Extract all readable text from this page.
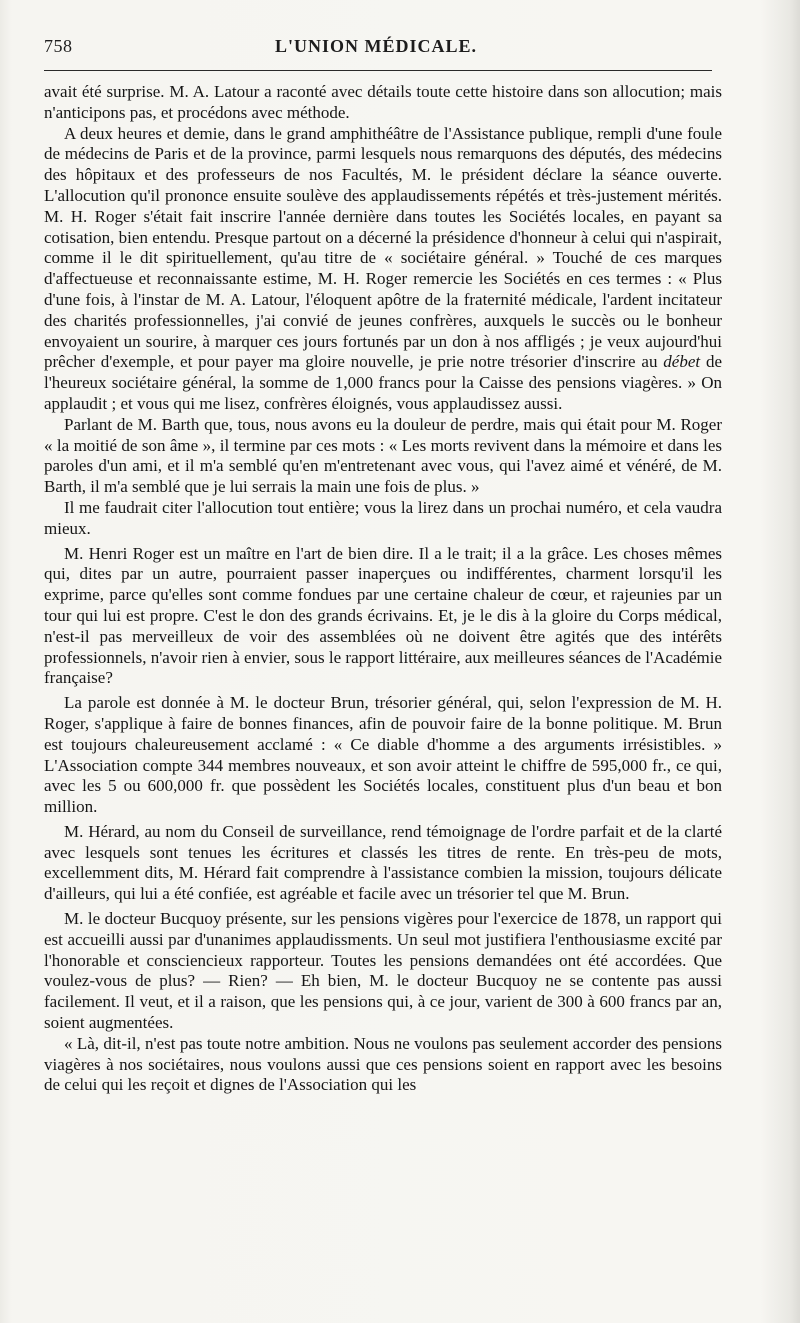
758	L'UNION MÉDICALE.

avait été surprise. M. A. Latour a raconté avec détails toute cette histoire dans son allocution; mais n'anticipons pas, et procédons avec méthode.

A deux heures et demie, dans le grand amphithéâtre de l'Assistance publique, rempli d'une foule de médecins de Paris et de la province, parmi lesquels nous remarquons des députés, des médecins des hôpitaux et des professeurs de nos Facultés, M. le président déclare la séance ouverte. L'allocution qu'il prononce ensuite soulève des applaudissements répétés et très-justement mérités. M. H. Roger s'était fait inscrire l'année dernière dans toutes les Sociétés locales, en payant sa cotisation, bien entendu. Presque partout on a décerné la présidence d'honneur à celui qui n'aspirait, comme il le dit spirituellement, qu'au titre de « sociétaire général. » Touché de ces marques d'affectueuse et reconnaissante estime, M. H. Roger remercie les Sociétés en ces termes : « Plus d'une fois, à l'instar de M. A. Latour, l'éloquent apôtre de la fraternité médicale, l'ardent incitateur des charités professionnelles, j'ai convié de jeunes confrères, auxquels le succès ou le bonheur envoyaient un sourire, à marquer ces jours fortunés par un don à nos affligés ; je veux aujourd'hui prêcher d'exemple, et pour payer ma gloire nouvelle, je prie notre trésorier d'inscrire au débet de l'heureux sociétaire général, la somme de 1,000 francs pour la Caisse des pensions viagères. » On applaudit ; et vous qui me lisez, confrères éloignés, vous applaudissez aussi.

Parlant de M. Barth que, tous, nous avons eu la douleur de perdre, mais qui était pour M. Roger « la moitié de son âme », il termine par ces mots : « Les morts revivent dans la mémoire et dans les paroles d'un ami, et il m'a semblé qu'en m'entretenant avec vous, qui l'avez aimé et vénéré, de M. Barth, il m'a semblé que je lui serrais la main une fois de plus. »

Il me faudrait citer l'allocution tout entière; vous la lirez dans un prochai numéro, et cela vaudra mieux.

M. Henri Roger est un maître en l'art de bien dire. Il a le trait; il a la grâce. Les choses mêmes qui, dites par un autre, pourraient passer inaperçues ou indifférentes, charment lorsqu'il les exprime, parce qu'elles sont comme fondues par une certaine chaleur de cœur, et rajeunies par un tour qui lui est propre. C'est le don des grands écrivains. Et, je le dis à la gloire du Corps médical, n'est-il pas merveilleux de voir des assemblées où ne doivent être agités que des intérêts professionnels, n'avoir rien à envier, sous le rapport littéraire, aux meilleures séances de l'Académie française?

La parole est donnée à M. le docteur Brun, trésorier général, qui, selon l'expression de M. H. Roger, s'applique à faire de bonnes finances, afin de pouvoir faire de la bonne politique. M. Brun est toujours chaleureusement acclamé : « Ce diable d'homme a des arguments irrésistibles. » L'Association compte 344 membres nouveaux, et son avoir atteint le chiffre de 595,000 fr., ce qui, avec les 5 ou 600,000 fr. que possèdent les Sociétés locales, constituent plus d'un beau et bon million.

M. Hérard, au nom du Conseil de surveillance, rend témoignage de l'ordre parfait et de la clarté avec lesquels sont tenues les écritures et classés les titres de rente. En très-peu de mots, excellemment dits, M. Hérard fait comprendre à l'assistance combien la mission, toujours délicate d'ailleurs, qui lui a été confiée, est agréable et facile avec un trésorier tel que M. Brun.

M. le docteur Bucquoy présente, sur les pensions vigères pour l'exercice de 1878, un rapport qui est accueilli aussi par d'unanimes applaudissments. Un seul mot justifiera l'enthousiasme excité par l'honorable et consciencieux rapporteur. Toutes les pensions demandées ont été accordées. Que voulez-vous de plus? — Rien? — Eh bien, M. le docteur Bucquoy ne se contente pas aussi facilement. Il veut, et il a raison, que les pensions qui, à ce jour, varient de 300 à 600 francs par an, soient augmentées.

« Là, dit-il, n'est pas toute notre ambition. Nous ne voulons pas seulement accorder des pensions viagères à nos sociétaires, nous voulons aussi que ces pensions soient en rapport avec les besoins de celui qui les reçoit et dignes de l'Association qui les
